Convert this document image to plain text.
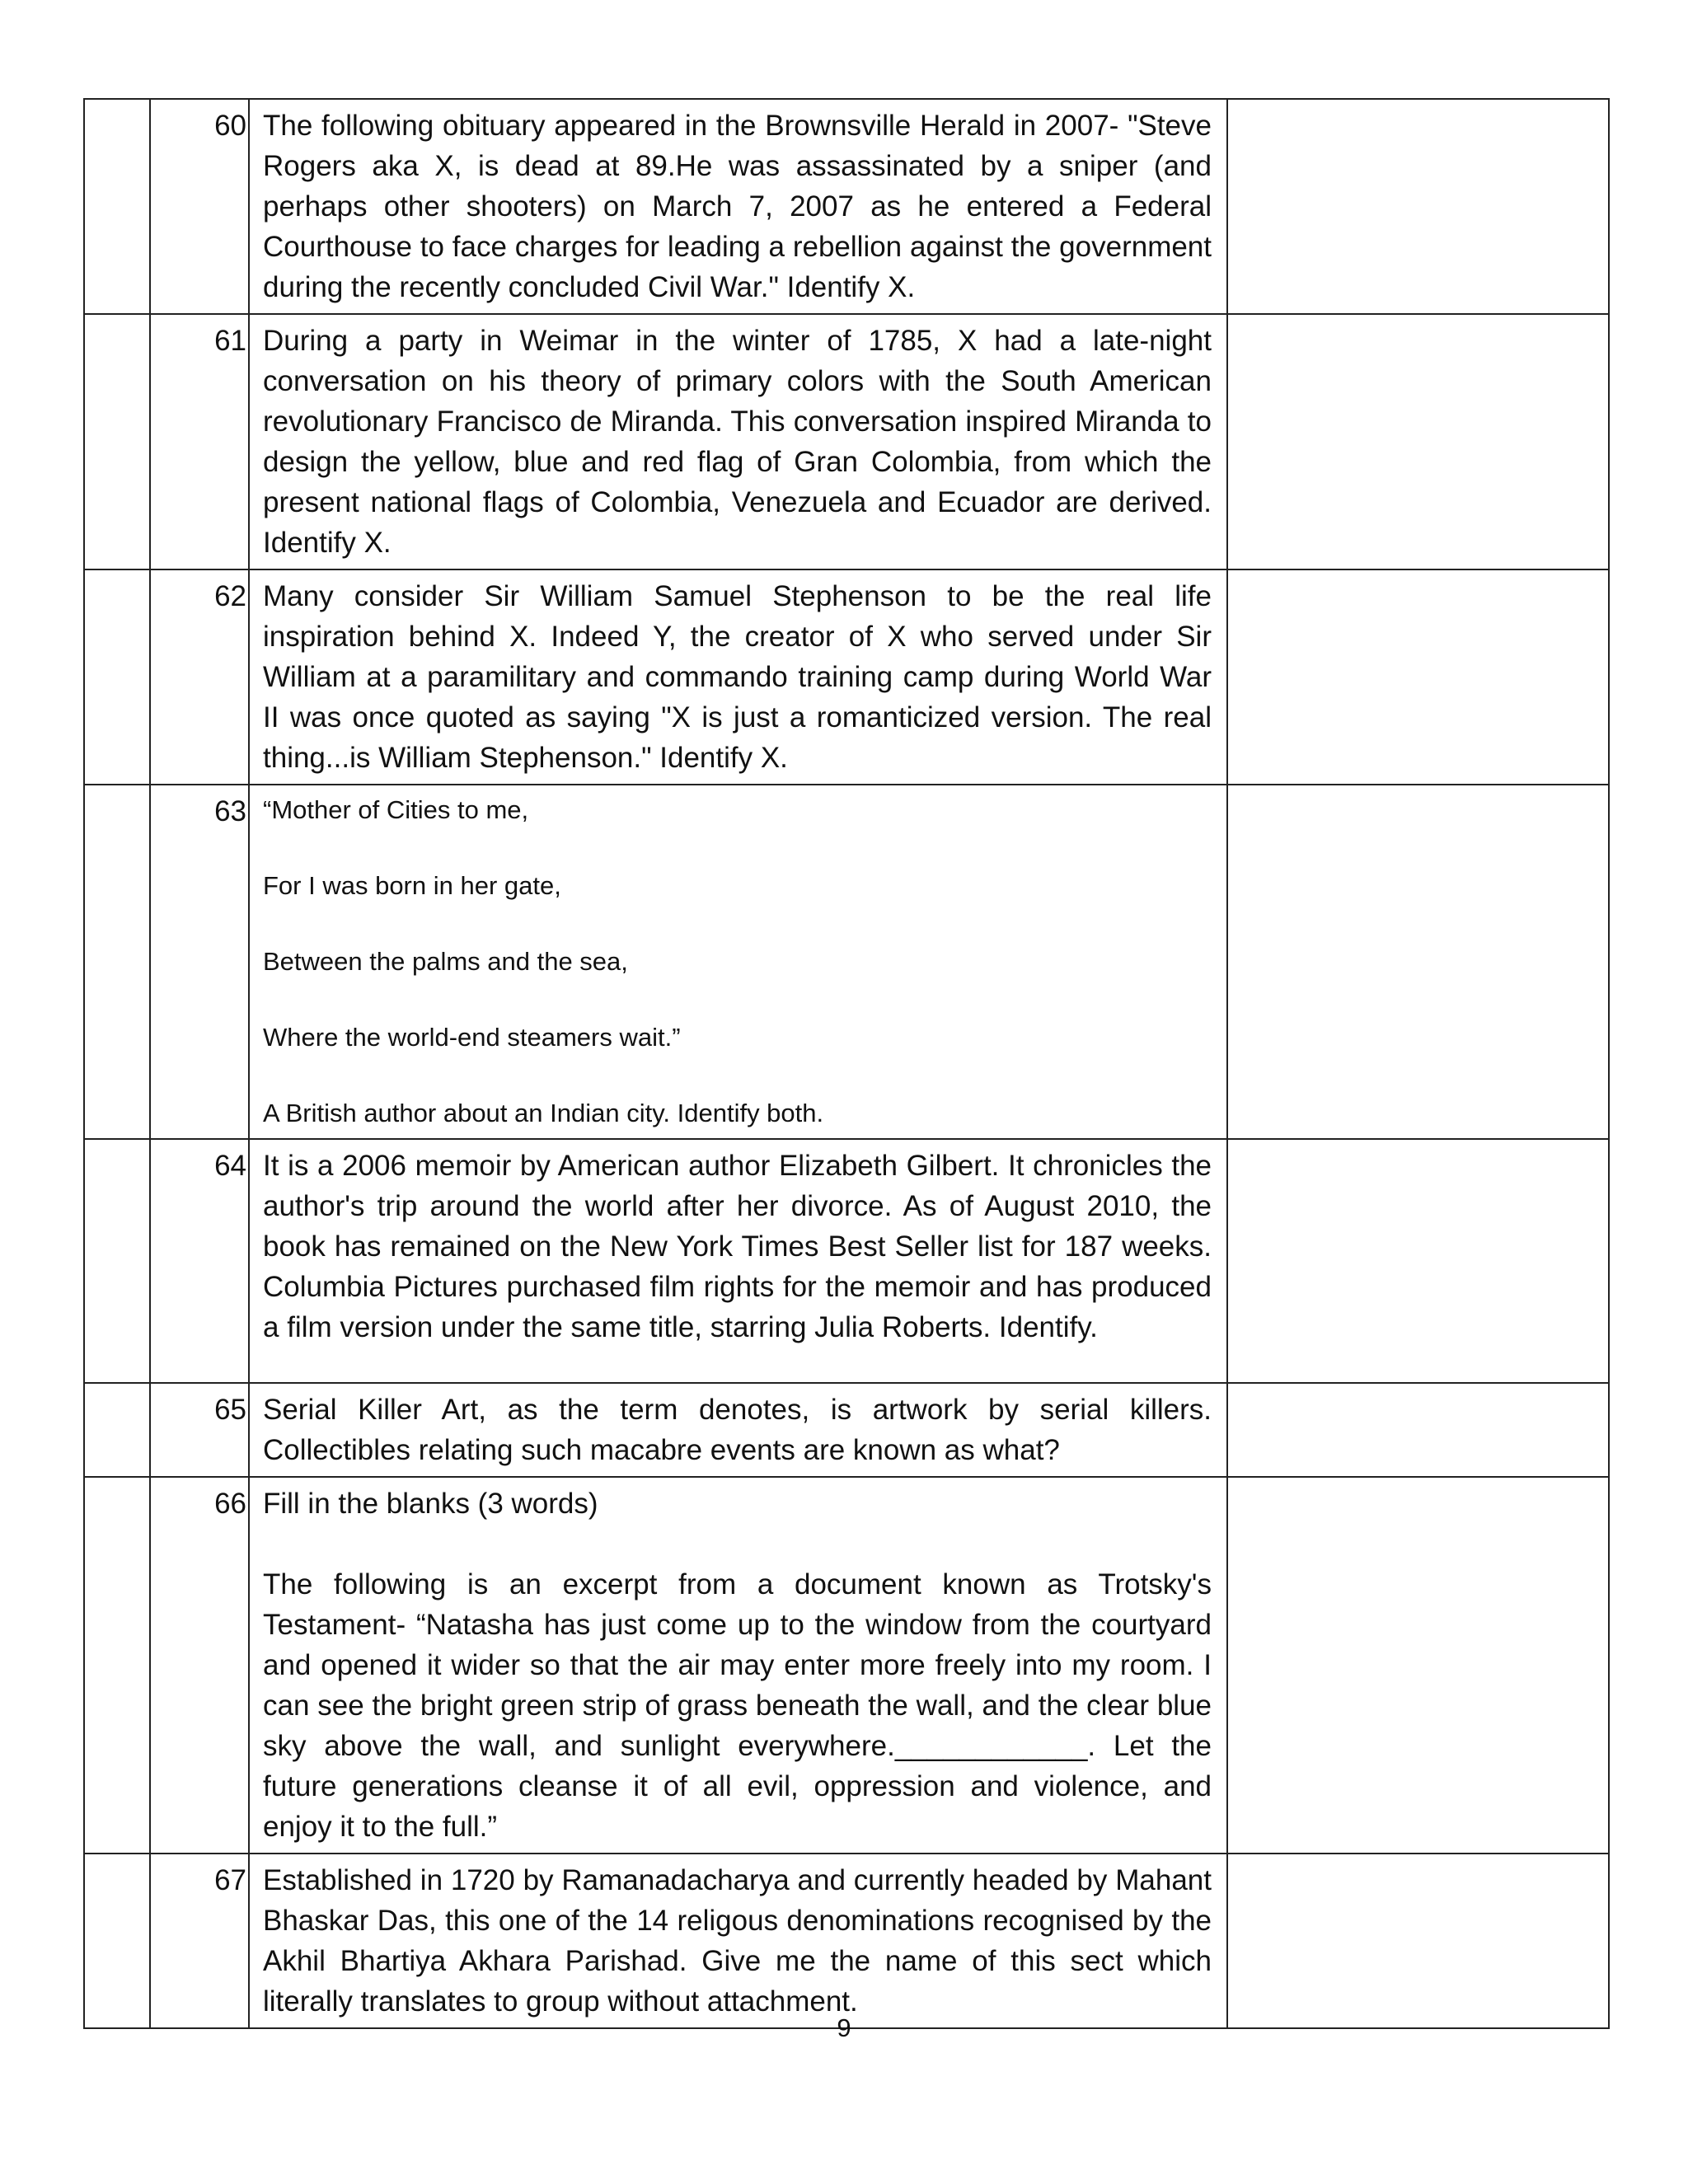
	60	The following obituary appeared in the Brownsville Herald in 2007- "Steve Rogers aka X, is dead at 89.He was assassinated by a sniper (and perhaps other shooters) on March 7, 2007 as he entered a Federal Courthouse to face charges for leading a rebellion against the government during the recently concluded Civil War." Identify X.	

	61	During a party in Weimar in the winter of 1785, X had a late-night conversation on his theory of primary colors with the South American revolutionary Francisco de Miranda. This conversation inspired Miranda to design the yellow, blue and red flag of Gran Colombia, from which the present national flags of Colombia, Venezuela and Ecuador are derived. Identify X.	

	62	Many consider Sir William Samuel Stephenson to be the real life inspiration behind X. Indeed Y, the creator of X who served under Sir William at a paramilitary and commando training camp during World War II was once quoted as saying "X is just a romanticized version. The real thing...is William Stephenson." Identify X.	

	63	“Mother of Cities to me,

For I was born in her gate,

Between the palms and the sea,

Where the world-end steamers wait.”

A British author about an Indian city. Identify both.	

	64	It is a 2006 memoir by American author Elizabeth Gilbert. It chronicles the author's trip around the world after her divorce. As of August 2010, the book has remained on the New York Times Best Seller list for 187 weeks. Columbia Pictures purchased film rights for the memoir and has produced a film version under the same title, starring Julia Roberts. Identify.	

	65	Serial Killer Art, as the term denotes, is artwork by serial killers. Collectibles relating such macabre events are known as what?	

	66	Fill in the blanks (3 words)

The following is an excerpt from a document known as Trotsky's Testament- “Natasha has just come up to the window from the courtyard and opened it wider so that the air may enter more freely into my room. I can see the bright green strip of grass beneath the wall, and the clear blue sky above the wall, and sunlight everywhere.____________. Let the future generations cleanse it of all evil, oppression and violence, and enjoy it to the full.”	

	67	Established in 1720 by Ramanadacharya and currently headed by Mahant Bhaskar Das, this one of the 14 religous denominations recognised by the Akhil Bhartiya Akhara Parishad. Give me the name of this sect which literally translates to group without attachment.	

9
